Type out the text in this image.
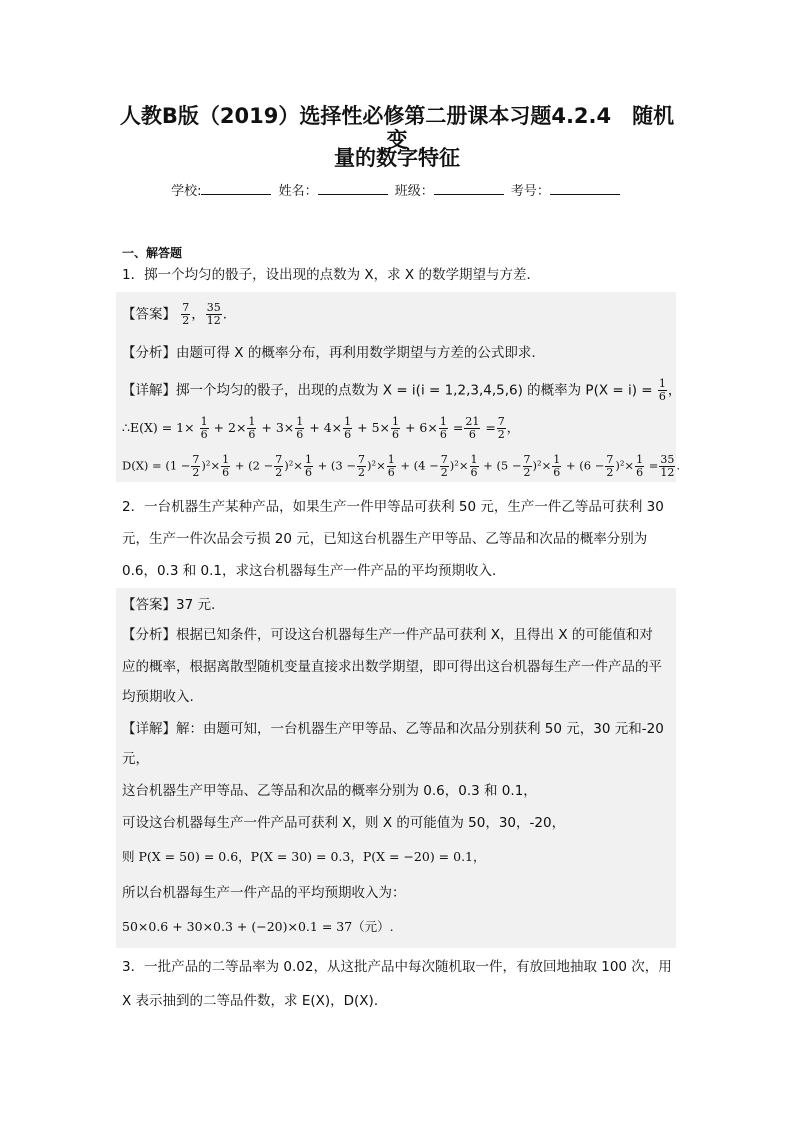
人教B版（2019）选择性必修第二册课本习题4.2.4　随机变
量的数字特征
学校:	姓名：	班级：	考号：
一、解答题
1．掷一个均匀的骰子，设出现的点数为 X，求 X 的数学期望与方差．
【答案】 $\frac{7}{2}$ ， $\frac{35}{12}$ .
【分析】由题可得 X 的概率分布，再利用数学期望与方差的公式即求.
【详解】掷一个均匀的骰子，出现的点数为 X = i(i = 1,2,3,4,5,6) 的概率为 $P(X = i) = \frac{1}{6}$ ，
∴E(X) = $1\times \frac{1}{6} + 2\times \frac{1}{6} + 3\times \frac{1}{6} + 4\times \frac{1}{6} + 5\times \frac{1}{6} + 6\times \frac{1}{6} = \frac{21}{6} = \frac{7}{2}$ ，
$D(X) = (1 - \frac{7}{2} )^2\times \frac{1}{6} + (2 - \frac{7}{2} )^2\times \frac{1}{6} + (3 - \frac{7}{2} )^2\times \frac{1}{6} + (4 - \frac{7}{2} )^2\times \frac{1}{6} + (5 - \frac{7}{2} )^2\times \frac{1}{6} + (6 - \frac{7}{2} )^2\times \frac{1}{6} = \frac{35}{12}$ .
2．一台机器生产某种产品，如果生产一件甲等品可获利 50 元，生产一件乙等品可获利 30
元，生产一件次品会亏损 20 元，已知这台机器生产甲等品、乙等品和次品的概率分别为
0.6，0.3 和 0.1，求这台机器每生产一件产品的平均预期收入．
【答案】37 元.
【分析】根据已知条件，可设这台机器每生产一件产品可获利 X，且得出 X 的可能值和对
应的概率，根据离散型随机变量直接求出数学期望，即可得出这台机器每生产一件产品的平
均预期收入.
【详解】解：由题可知，一台机器生产甲等品、乙等品和次品分别获利 50 元，30 元和-20
元，
这台机器生产甲等品、乙等品和次品的概率分别为 0.6，0.3 和 0.1，
可设这台机器每生产一件产品可获利 X，则 X 的可能值为 50，30，-20，
则 P(X = 50) = 0.6，P(X = 30) = 0.3，P(X = −20) = 0.1，
所以台机器每生产一件产品的平均预期收入为：
50×0.6 + 30×0.3 + (−20)×0.1 = 37（元）.
3．一批产品的二等品率为 0.02，从这批产品中每次随机取一件，有放回地抽取 100 次，用
X 表示抽到的二等品件数，求 E(X)，D(X)．
